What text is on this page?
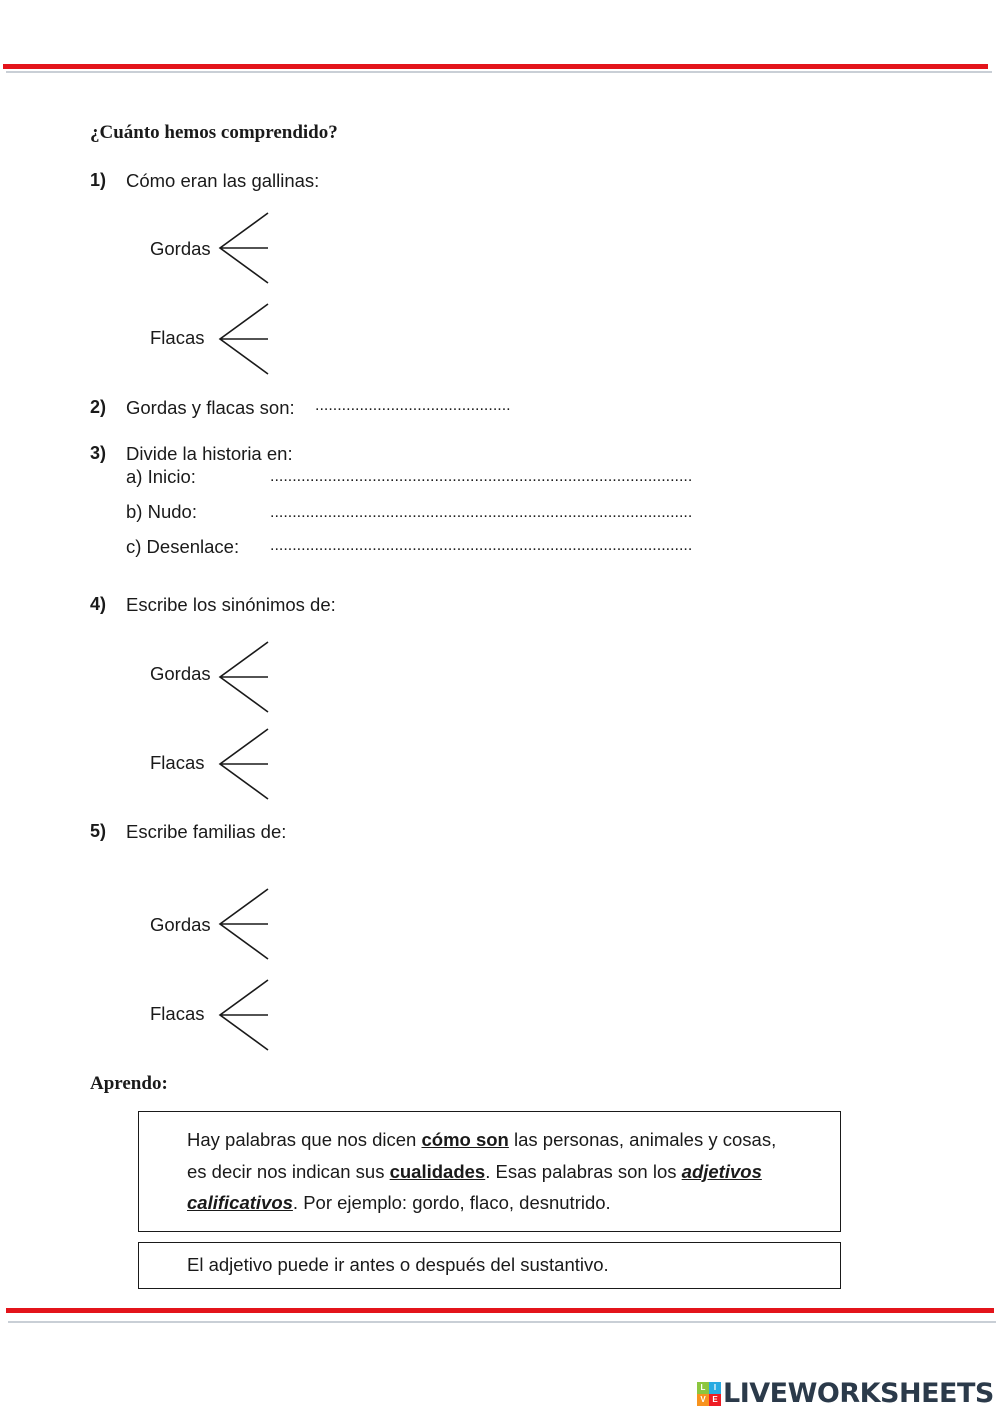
¿Cuánto hemos comprendido?
1) Cómo eran las gallinas:
Gordas
Flacas
2) Gordas y flacas son: ............................................
3) Divide la historia en:
a) Inicio:	...............................................................................................
b) Nudo:	...............................................................................................
c) Desenlace: ...............................................................................................
4) Escribe los sinónimos de:
Gordas
Flacas
5) Escribe familias de:
Gordas
Flacas
Aprendo:

Hay palabras que nos dicen cómo son las personas, animales y cosas, es decir nos indican sus cualidades. Esas palabras son los adjetivos calificativos. Por ejemplo: gordo, flaco, desnutrido.

El adjetivo puede ir antes o después del sustantivo.

L	I
V E LIVEWORKSHEETS
